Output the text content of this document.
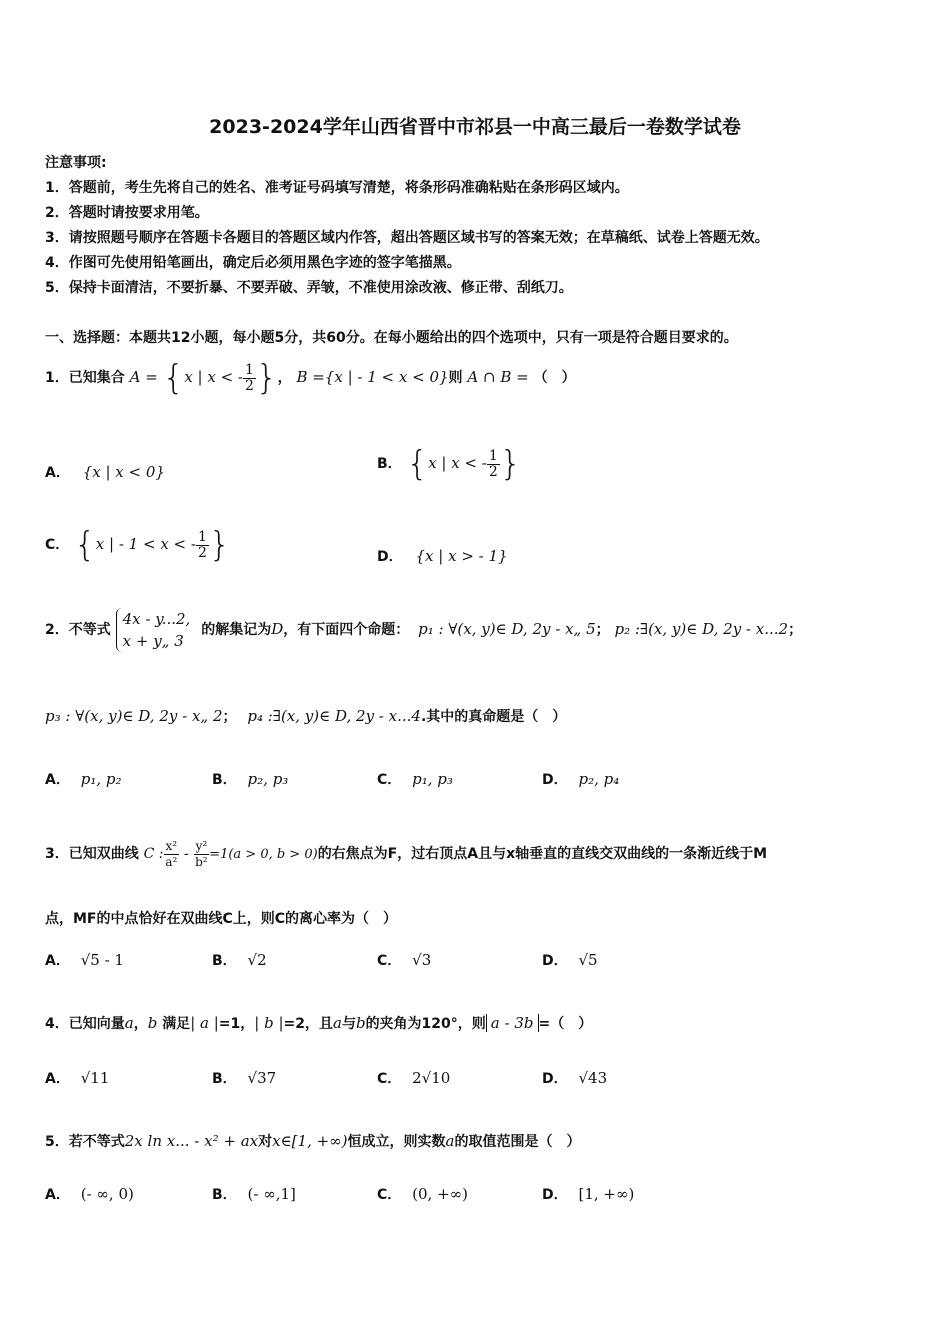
2023-2024学年山西省晋中市祁县一中高三最后一卷数学试卷
注意事项:
1．答题前，考生先将自己的姓名、准考证号码填写清楚，将条形码准确粘贴在条形码区域内。
2．答题时请按要求用笔。
3．请按照题号顺序在答题卡各题目的答题区域内作答，超出答题区域书写的答案无效；在草稿纸、试卷上答题无效。
4．作图可先使用铅笔画出，确定后必须用黑色字迹的签字笔描黑。
5．保持卡面清洁，不要折暴、不要弄破、弄皱，不准使用涂改液、修正带、刮纸刀。
一、选择题：本题共12小题，每小题5分，共60分。在每小题给出的四个选项中，只有一项是符合题目要求的。
1．已知集合 A = {x | x < - $\frac{1}{2}$ }， B ={x | - 1 < x < 0}则 A ∩ B = （　）
A． {x | x < 0}	B． {x | x < - $\frac{1}{2}$ }
C． {x | - 1 < x < - $\frac{1}{2}$ }	D． {x | x > - 1}
2．不等式
4x - y...2,
x + y„ 3
的解集记为D，有下面四个命题： p₁ : ∀(x, y)∈ D, 2y - x„ 5； p₂ :∃(x, y)∈ D, 2y - x...2；
p₃ : ∀(x, y)∈ D, 2y - x„ 2； p₄ :∃(x, y)∈ D, 2y - x...4.其中的真命题是（　）
A． p₁, p₂	B． p₂, p₃	C． p₁, p₃	D． p₂, p₄
3．已知双曲线 C : $\frac{\text{x²}}{\text{a²}} - \frac{\text{y²}}{\text{b²}} =1(a > 0$, b > 0)的右焦点为F，过右顶点A且与x轴垂直的直线交双曲线的一条渐近线于M
点，MF的中点恰好在双曲线C上，则C的离心率为（　）
A． √5 - 1	B． √2	C． √3	D． √5
4．已知向量a，b 满足| a |=1，| b |=2，且a与b的夹角为120°，则 a - 3b =（　）
A． √11	B． √37	C． 2√10	D． √43
5．若不等式2x ln x... - x² + ax对x∈[1, +∞)恒成立，则实数a的取值范围是（　）
A． (- ∞, 0)	B． (- ∞,1]	C． (0, +∞)	D． [1, +∞)
